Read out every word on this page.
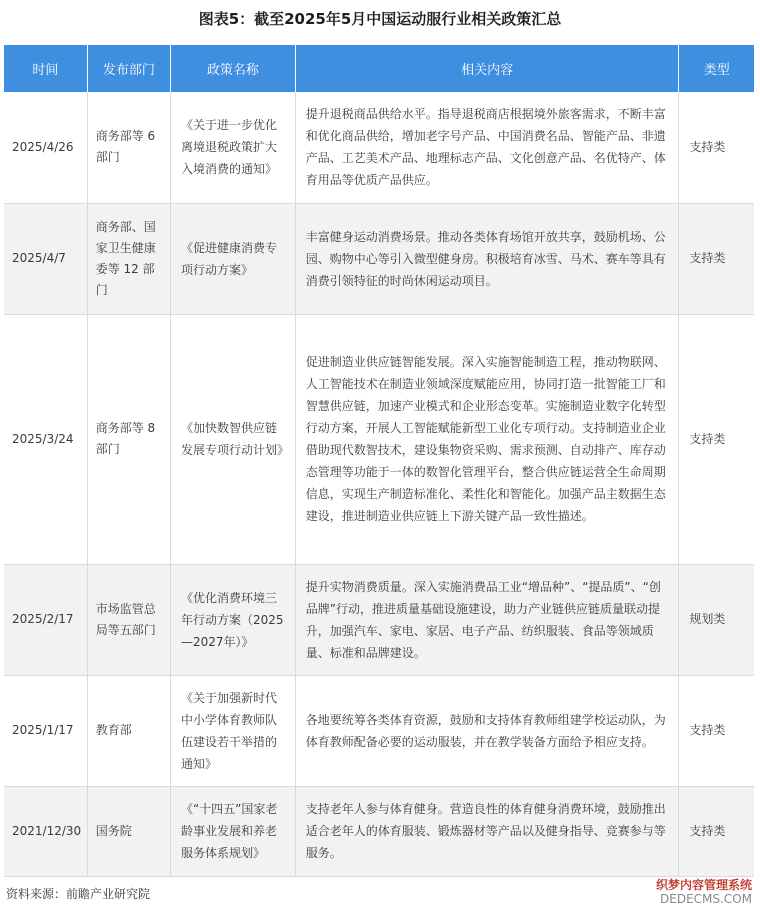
图表5：截至2025年5月中国运动服行业相关政策汇总
时间	发布部门	政策名称	相关内容	类型
2025/4/26	商务部等 6 部门	《关于进一步优化离境退税政策扩大入境消费的通知》	提升退税商品供给水平。指导退税商店根据境外旅客需求，不断丰富和优化商品供给，增加老字号产品、中国消费名品、智能产品、非遗产品、工艺美术产品、地理标志产品、文化创意产品、名优特产、体育用品等优质产品供应。	支持类
2025/4/7	商务部、国家卫生健康委等 12 部门	《促进健康消费专项行动方案》	丰富健身运动消费场景。推动各类体育场馆开放共享，鼓励机场、公园、购物中心等引入微型健身房。积极培育冰雪、马术、赛车等具有消费引领特征的时尚休闲运动项目。	支持类
2025/3/24	商务部等 8 部门	《加快数智供应链发展专项行动计划》	促进制造业供应链智能发展。深入实施智能制造工程，推动物联网、人工智能技术在制造业领域深度赋能应用，协同打造一批智能工厂和智慧供应链，加速产业模式和企业形态变革。实施制造业数字化转型行动方案，开展人工智能赋能新型工业化专项行动。支持制造业企业借助现代数智技术，建设集物资采购、需求预测、自动排产、库存动态管理等功能于一体的数智化管理平台，整合供应链运营全生命周期信息，实现生产制造标准化、柔性化和智能化。加强产品主数据生态建设，推进制造业供应链上下游关键产品一致性描述。	支持类
2025/2/17	市场监管总局等五部门	《优化消费环境三年行动方案（2025—2027年）》	提升实物消费质量。深入实施消费品工业“增品种”、“提品质”、“创品牌”行动，推进质量基础设施建设，助力产业链供应链质量联动提升，加强汽车、家电、家居、电子产品、纺织服装、食品等领域质量、标准和品牌建设。	规划类
2025/1/17	教育部	《关于加强新时代中小学体育教师队伍建设若干举措的通知》	各地要统筹各类体育资源，鼓励和支持体育教师组建学校运动队，为体育教师配备必要的运动服装，并在教学装备方面给予相应支持。	支持类
2021/12/30	国务院	《“十四五”国家老龄事业发展和养老服务体系规划》	支持老年人参与体育健身。营造良性的体育健身消费环境，鼓励推出适合老年人的体育服装、锻炼器材等产品以及健身指导、竞赛参与等服务。	支持类
资料来源：前瞻产业研究院
织梦内容管理系统
DEDECMS.COM
